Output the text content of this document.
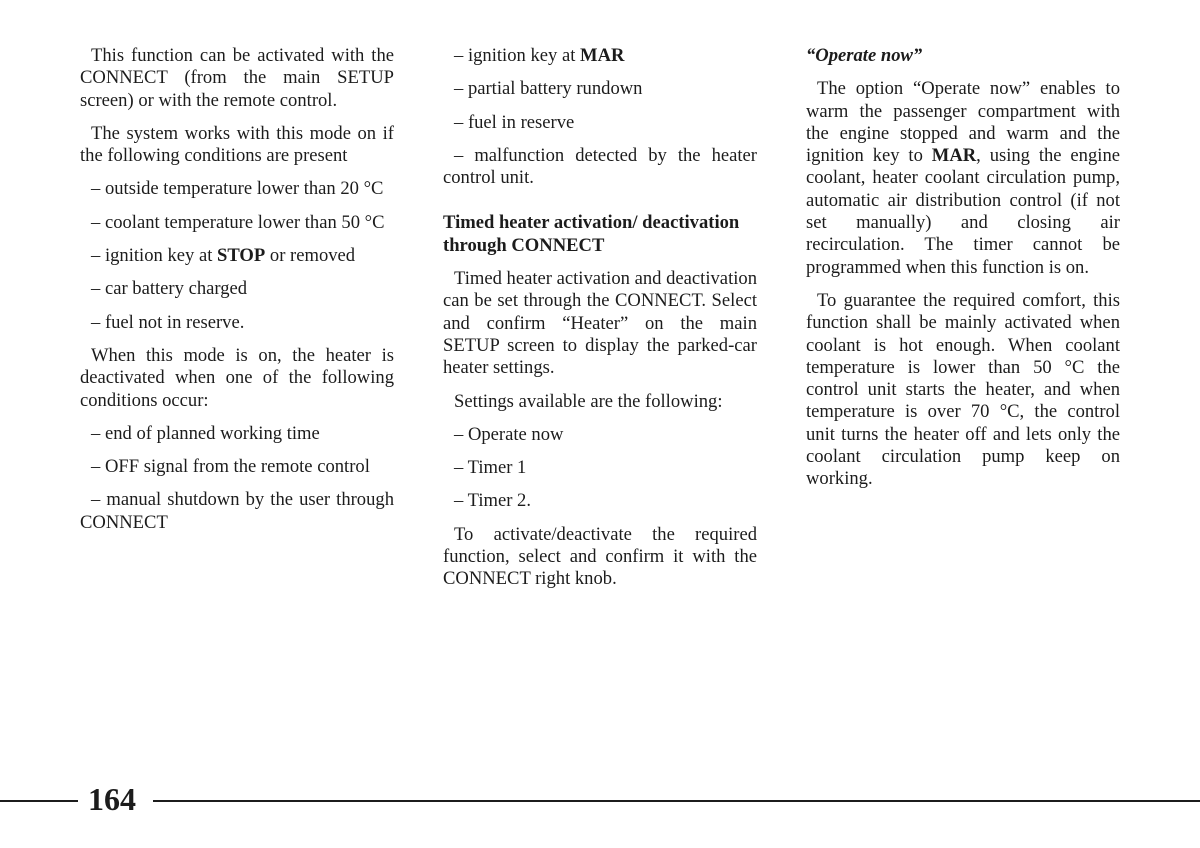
This function can be activated with the CONNECT (from the main SETUP screen) or with the remote control.

The system works with this mode on if the following conditions are present

– outside temperature lower than 20 °C

– coolant temperature lower than 50 °C

– ignition key at STOP or removed

– car battery charged

– fuel not in reserve.

When this mode is on, the heater is deactivated when one of the following conditions occur:

– end of planned working time

– OFF signal from the remote control

– manual shutdown by the user through CONNECT

– ignition key at MAR

– partial battery rundown

– fuel in reserve

– malfunction detected by the heater control unit.

Timed heater activation/ deactivation through CONNECT

Timed heater activation and deactivation can be set through the CONNECT. Select and confirm “Heater” on the main SETUP screen to display the parked-car heater settings.

Settings available are the following:

– Operate now

– Timer 1

– Timer 2.

To activate/deactivate the required function, select and confirm it with the CONNECT right knob.

“Operate now”

The option “Operate now” enables to warm the passenger compartment with the engine stopped and warm and the ignition key to MAR, using the engine coolant, heater coolant circulation pump, automatic air distribution control (if not set manually) and closing air recirculation. The timer cannot be programmed when this function is on.

To guarantee the required comfort, this function shall be mainly activated when coolant is hot enough. When coolant temperature is lower than 50 °C the control unit starts the heater, and when temperature is over 70 °C, the control unit turns the heater off and lets only the coolant circulation pump keep on working.

164
